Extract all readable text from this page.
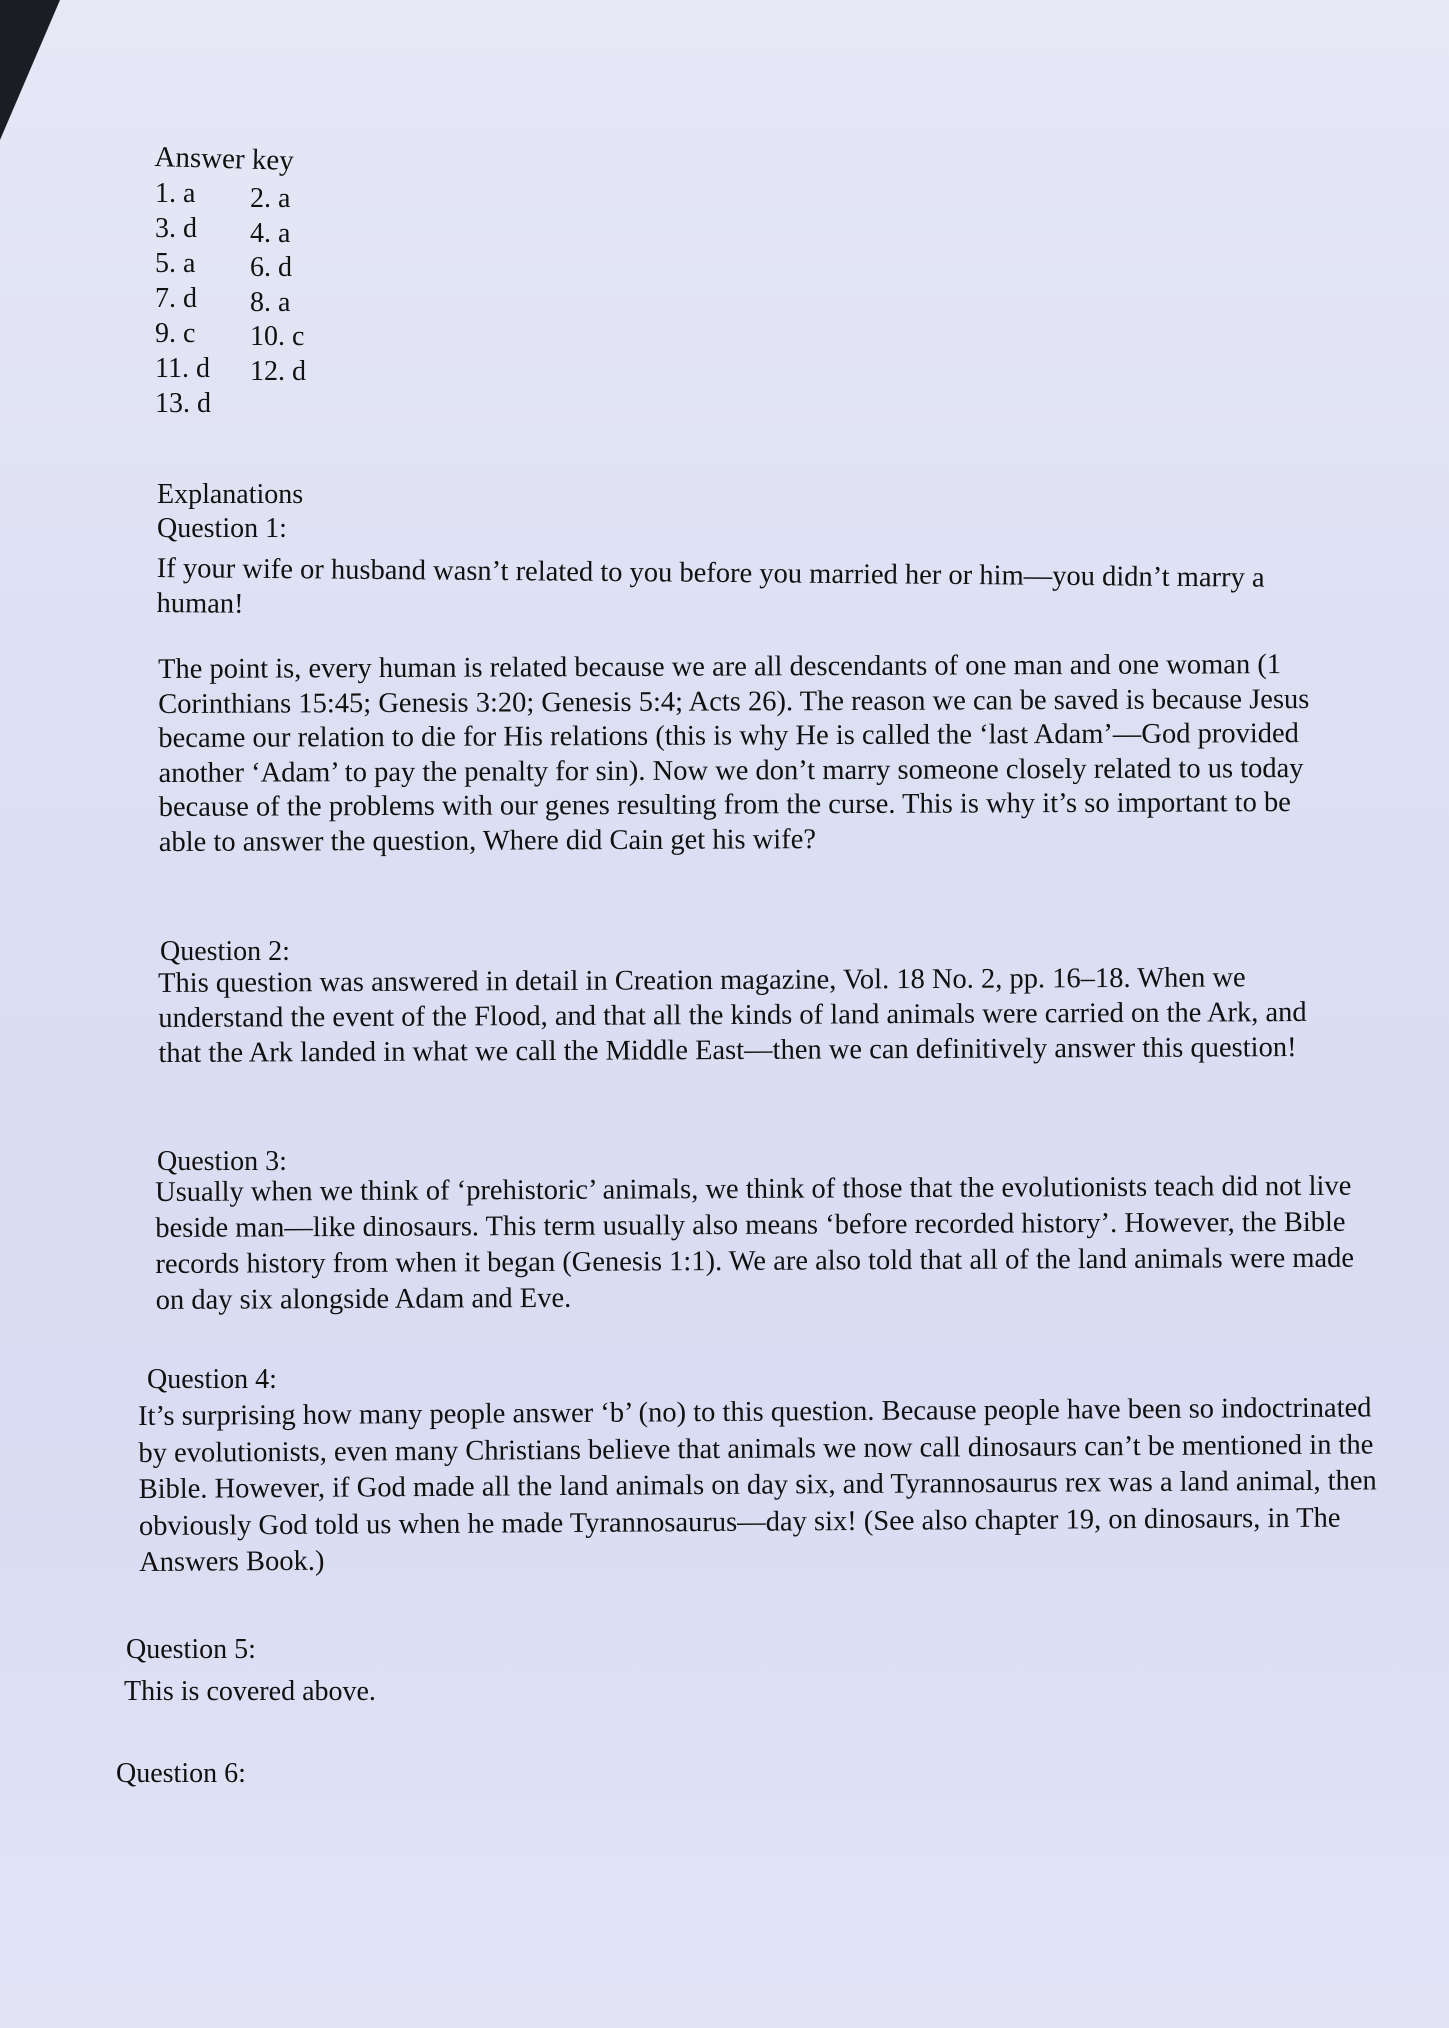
Answer key
1. a 2. a
3. d 4. a
5. a 6. d
7. d 8. a
9. c 10. c
11. d 12. d
13. d
Explanations
Question 1:
If your wife or husband wasn’t related to you before you married her or him—you didn’t marry a human!
The point is, every human is related because we are all descendants of one man and one woman (1 Corinthians 15:45; Genesis 3:20; Genesis 5:4; Acts 26). The reason we can be saved is because Jesus became our relation to die for His relations (this is why He is called the ‘last Adam’—God provided another ‘Adam’ to pay the penalty for sin). Now we don’t marry someone closely related to us today because of the problems with our genes resulting from the curse. This is why it’s so important to be able to answer the question, Where did Cain get his wife?
Question 2:
This question was answered in detail in Creation magazine, Vol. 18 No. 2, pp. 16–18. When we understand the event of the Flood, and that all the kinds of land animals were carried on the Ark, and that the Ark landed in what we call the Middle East—then we can definitively answer this question!
Question 3:
Usually when we think of ‘prehistoric’ animals, we think of those that the evolutionists teach did not live beside man—like dinosaurs. This term usually also means ‘before recorded history’. However, the Bible records history from when it began (Genesis 1:1). We are also told that all of the land animals were made on day six alongside Adam and Eve.
Question 4:
It’s surprising how many people answer ‘b’ (no) to this question. Because people have been so indoctrinated by evolutionists, even many Christians believe that animals we now call dinosaurs can’t be mentioned in the Bible. However, if God made all the land animals on day six, and Tyrannosaurus rex was a land animal, then obviously God told us when he made Tyrannosaurus—day six! (See also chapter 19, on dinosaurs, in The Answers Book.)
Question 5:
This is covered above.
Question 6:
